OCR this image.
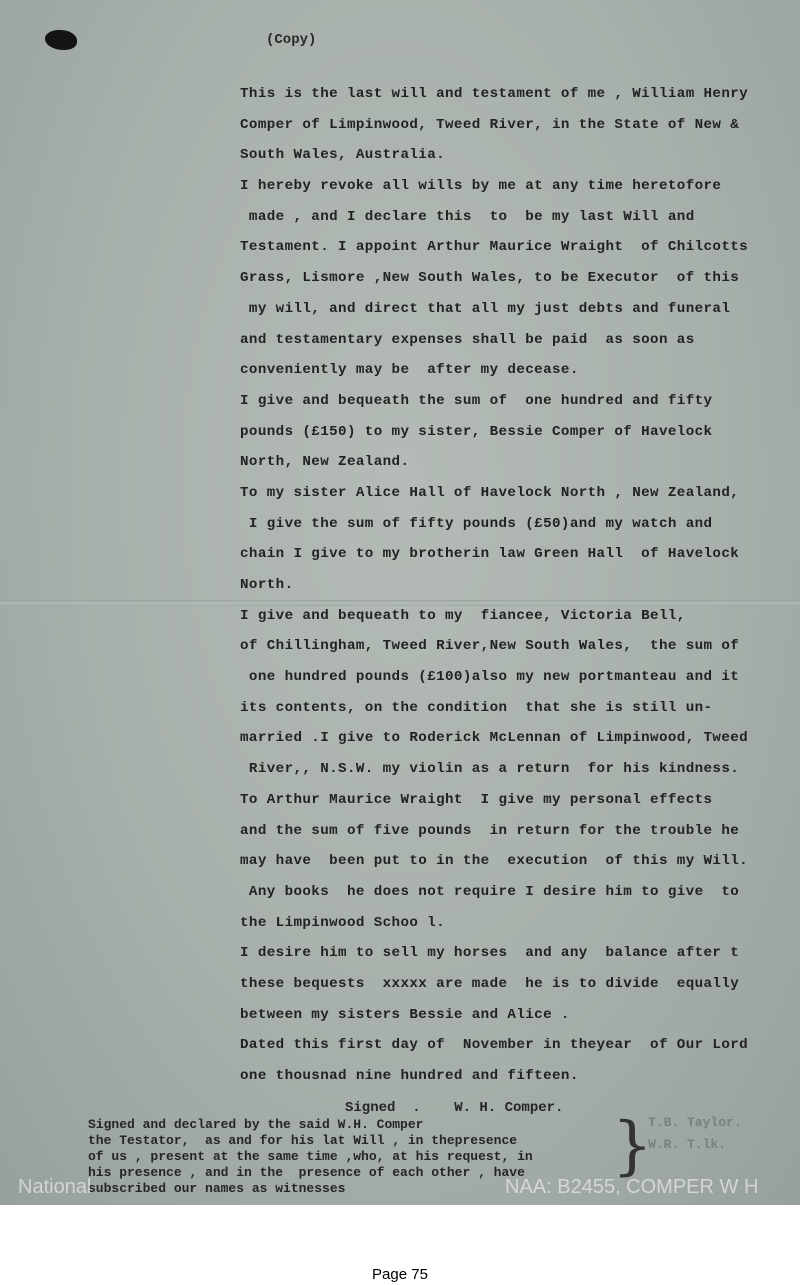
(Copy)
This is the last will and testament of me , William Henry
Comper of Limpinwood, Tweed River, in the State of New &
South Wales, Australia.
I hereby revoke all wills by me at any time heretofore
made , and I declare this  to  be my last Will and
Testament. I appoint Arthur Maurice Wraight  of Chilcotts
Grass, Lismore ,New South Wales, to be Executor  of this
my will, and direct that all my just debts and funeral
and testamentary expenses shall be paid  as soon as
conveniently may be  after my decease.
I give and bequeath the sum of  one hundred and fifty
pounds (£150) to my sister, Bessie Comper of Havelock
North, New Zealand.
To my sister Alice Hall of Havelock North , New Zealand,
I give the sum of fifty pounds (£50)and my watch and
chain I give to my brotherin law Green Hall  of Havelock
North.
I give and bequeath to my  fiancee, Victoria Bell,
of Chillingham, Tweed River,New South Wales,  the sum of
one hundred pounds (£100)also my new portmanteau and it
its contents, on the condition  that she is still un-
married .I give to Roderick McLennan of Limpinwood, Tweed
River,, N.S.W. my violin as a return  for his kindness.
To Arthur Maurice Wraight  I give my personal effects
and the sum of five pounds  in return for the trouble he
may have  been put to in the  execution  of this my Will.
Any books  he does not require I desire him to give  to
the Limpinwood Schoo l.
I desire him to sell my horses  and any  balance after t
these bequests  xxxxx are made  he is to divide  equally
between my sisters Bessie and Alice .
Dated this first day of  November in theyear  of Our Lord
one thousnad nine hundred and fifteen.
Signed  .    W. H. Comper.
Signed and declared by the said W.H. Comper
the Testator,  as and for his lat Will , in thepresence
of us , present at the same time ,who, at his request, in
his presence , and in the  presence of each other , have
subscribed our names as witnesses
}
T.B. Taylor.
W.R. T.lk.
National	NAA: B2455, COMPER W H
Page 75
